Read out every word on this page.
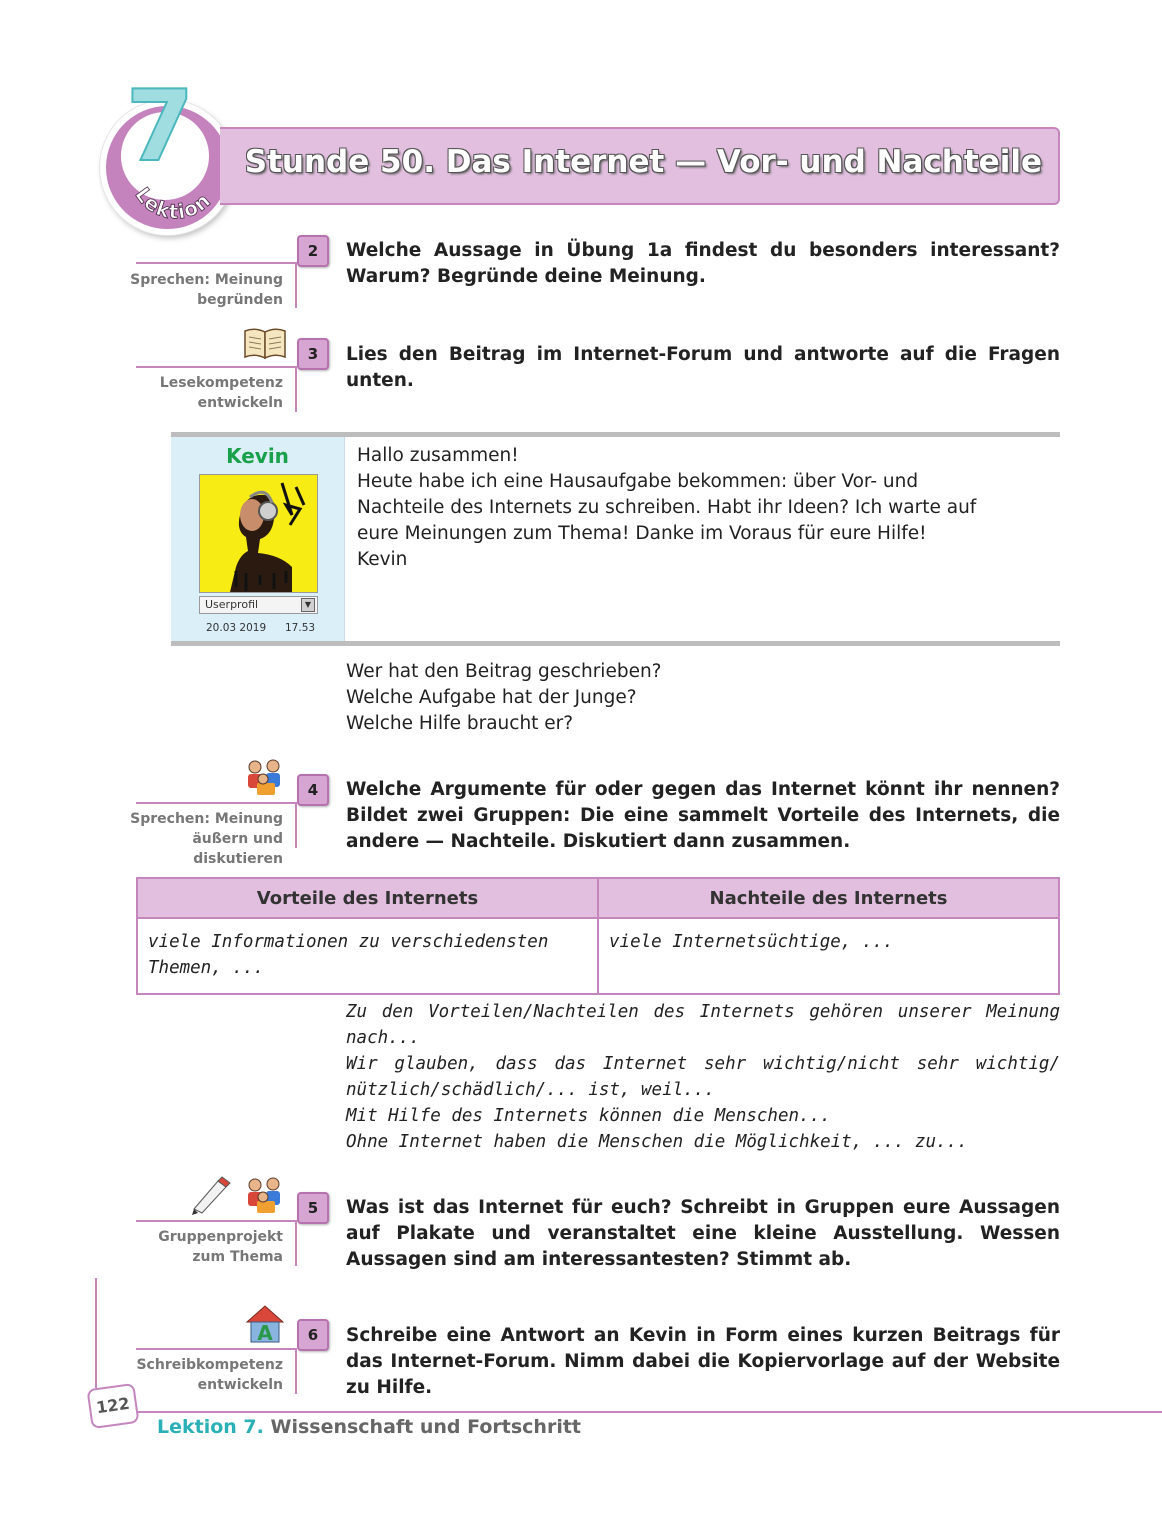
7
Lektion
Stunde 50. Das Internet — Vor- und Nachteile
2
Sprechen: Meinung
begründen
Welche Aussage in Übung 1a findest du besonders interessant? Warum? Begründe deine Meinung.
3
Lesekompetenz
entwickeln
Lies den Beitrag im Internet-Forum und antworte auf die Fragen unten.
Kevin
Userprofil	▼
20.03 2019 17.53
Hallo zusammen!
Heute habe ich eine Hausaufgabe bekommen: über Vor- und
Nachteile des Internets zu schreiben. Habt ihr Ideen? Ich warte auf
eure Meinungen zum Thema! Danke im Voraus für eure Hilfe!
Kevin
Wer hat den Beitrag geschrieben?
Welche Aufgabe hat der Junge?
Welche Hilfe braucht er?
4
Sprechen: Meinung
äußern und
diskutieren
Welche Argumente für oder gegen das Internet könnt ihr nennen? Bildet zwei Gruppen: Die eine sammelt Vorteile des Internets, die andere — Nachteile. Diskutiert dann zusammen.
Vorteile des Internets	Nachteile des Internets
viele Informationen zu verschiedensten Themen, ...	viele Internetsüchtige, ...
Zu den Vorteilen/Nachteilen des Internets gehören unserer Meinung nach...
Wir glauben, dass das Internet sehr wichtig/nicht sehr wichtig/ nützlich/schädlich/... ist, weil...
Mit Hilfe des Internets können die Menschen...
Ohne Internet haben die Menschen die Möglichkeit, ... zu...
5
Gruppenprojekt
zum Thema
Was ist das Internet für euch? Schreibt in Gruppen eure Aussagen auf Plakate und veranstaltet eine kleine Ausstellung. Wessen Aussagen sind am interessantesten? Stimmt ab.
A	6
Schreibkompetenz
entwickeln
Schreibe eine Antwort an Kevin in Form eines kurzen Beitrags für das Internet-Forum. Nimm dabei die Kopiervorlage auf der Website zu Hilfe.
122
Lektion 7. Wissenschaft und Fortschritt
